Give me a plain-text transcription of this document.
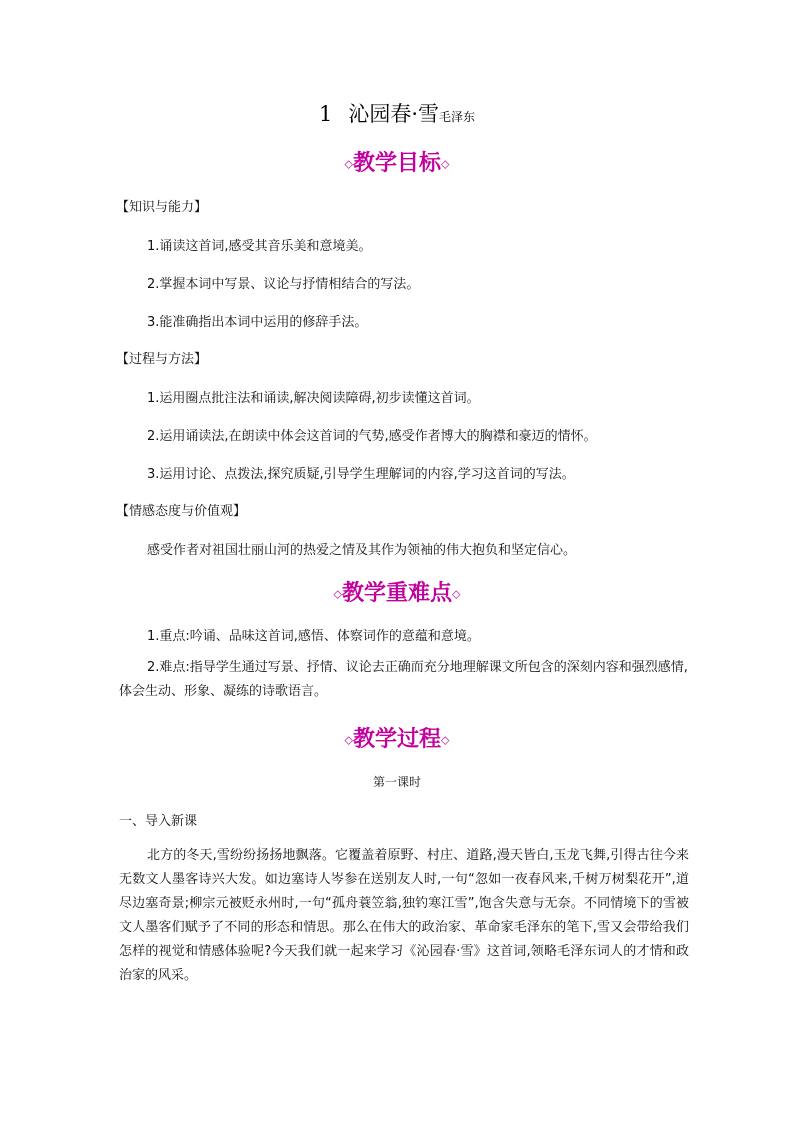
1 沁园春·雪毛泽东
◇教学目标◇
【知识与能力】
1.诵读这首词,感受其音乐美和意境美。
2.掌握本词中写景、议论与抒情相结合的写法。
3.能准确指出本词中运用的修辞手法。
【过程与方法】
1.运用圈点批注法和诵读,解决阅读障碍,初步读懂这首词。
2.运用诵读法,在朗读中体会这首词的气势,感受作者博大的胸襟和豪迈的情怀。
3.运用讨论、点拨法,探究质疑,引导学生理解词的内容,学习这首词的写法。
【情感态度与价值观】
感受作者对祖国壮丽山河的热爱之情及其作为领袖的伟大抱负和坚定信心。
◇教学重难点◇
1.重点:吟诵、品味这首词,感悟、体察词作的意蕴和意境。
2.难点:指导学生通过写景、抒情、议论去正确而充分地理解课文所包含的深刻内容和强烈感情,体会生动、形象、凝练的诗歌语言。
◇教学过程◇
第一课时
一、导入新课
北方的冬天,雪纷纷扬扬地飘落。它覆盖着原野、村庄、道路,漫天皆白,玉龙飞舞,引得古往今来无数文人墨客诗兴大发。如边塞诗人岑参在送别友人时,一句“忽如一夜春风来,千树万树梨花开”,道尽边塞奇景;柳宗元被贬永州时,一句“孤舟蓑笠翁,独钓寒江雪”,饱含失意与无奈。不同情境下的雪被文人墨客们赋予了不同的形态和情思。那么在伟大的政治家、革命家毛泽东的笔下,雪又会带给我们怎样的视觉和情感体验呢?今天我们就一起来学习《沁园春·雪》这首词,领略毛泽东词人的才情和政治家的风采。
